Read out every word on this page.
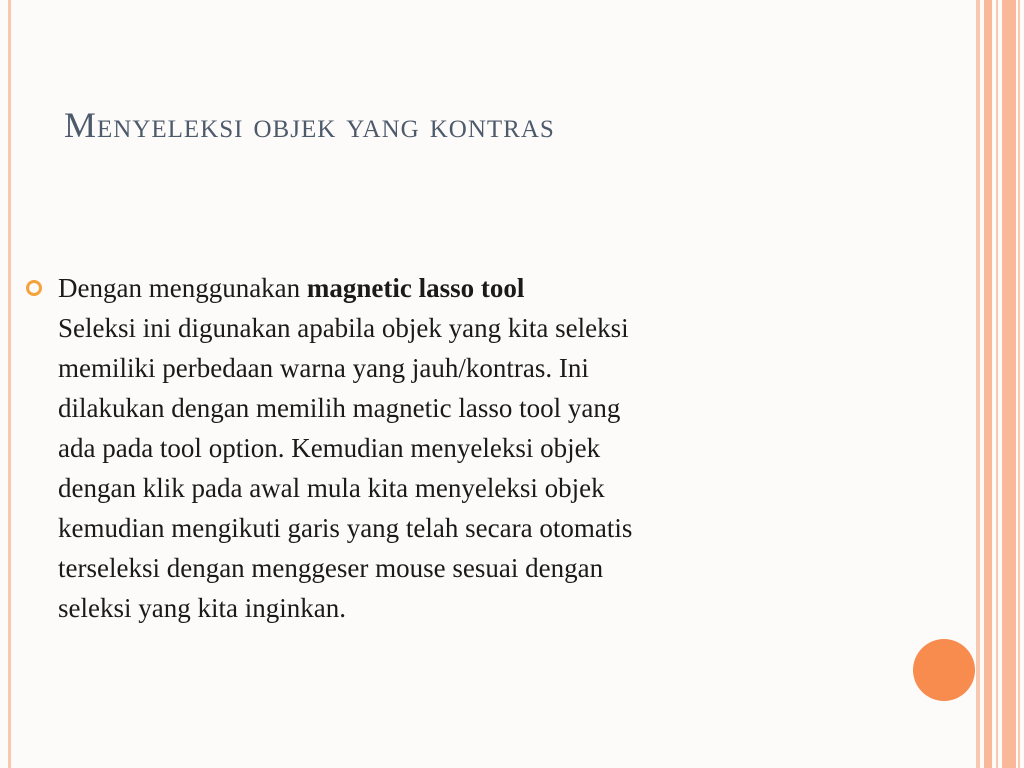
Menyeleksi objek yang kontras
Dengan menggunakan magnetic lasso tool
Seleksi ini digunakan apabila objek yang kita seleksi
memiliki perbedaan warna yang jauh/kontras. Ini
dilakukan dengan memilih magnetic lasso tool yang
ada pada tool option. Kemudian menyeleksi objek
dengan klik pada awal mula kita menyeleksi objek
kemudian mengikuti garis yang telah secara otomatis
terseleksi dengan menggeser mouse sesuai dengan
seleksi yang kita inginkan.
